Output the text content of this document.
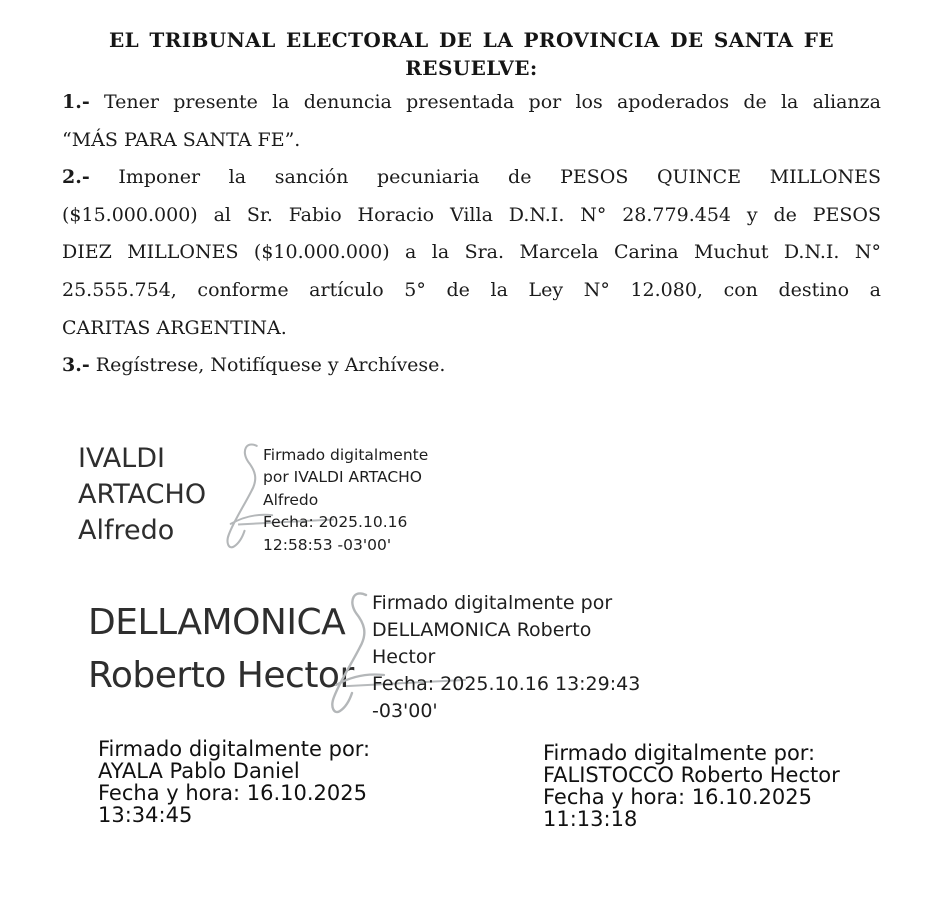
EL TRIBUNAL ELECTORAL DE LA PROVINCIA DE SANTA FE
RESUELVE:
1.- Tener presente la denuncia presentada por los apoderados de la alianza
“MÁS PARA SANTA FE”.
2.- Imponer la sanción pecuniaria de PESOS QUINCE MILLONES
($15.000.000) al Sr. Fabio Horacio Villa D.N.I. N° 28.779.454 y de PESOS
DIEZ MILLONES ($10.000.000) a la Sra. Marcela Carina Muchut D.N.I. N°
25.555.754, conforme artículo 5° de la Ley N° 12.080, con destino a
CARITAS ARGENTINA.
3.- Regístrese, Notifíquese y Archívese.
IVALDI
ARTACHO
Alfredo
Firmado digitalmente
por IVALDI ARTACHO
Alfredo
Fecha: 2025.10.16
12:58:53 -03'00'
DELLAMONICA
Roberto Hector
Firmado digitalmente por
DELLAMONICA Roberto
Hector
Fecha: 2025.10.16 13:29:43
-03'00'
Firmado digitalmente por:
AYALA Pablo Daniel
Fecha y hora: 16.10.2025
13:34:45
Firmado digitalmente por:
FALISTOCCO Roberto Hector
Fecha y hora: 16.10.2025
11:13:18
